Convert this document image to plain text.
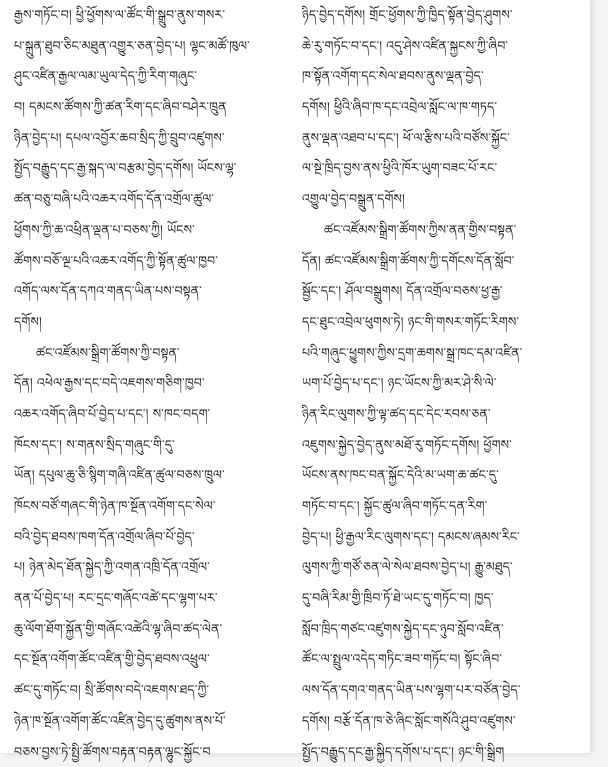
རྒྱས་གཏོང་བ། ཕྱི་ཕྱོགས་ལ་ཚོང་གི་སྒྲུབ་ནུས་གསར་
པ་སྐྲུན་ཐུབ་ཅིང་མཐུན་འགྱུར་ཅན་བྱེད་པ། ལྷང་མཚོ་ཁུལ་
ཤུང་འཛིན་རྒྱལ་ལམ་ཡུལ་དེད་ཀྱི་རིག་གཞུང་
བ། དམངས་ཚོགས་ཀྱི་ཚན་རིག་དང་ཞིབ་བཤེར་ཁྲུན
ཉིན་བྱེད་པ། དཔལ་འབྱོར་ཆབ་སྲིད་ཀྱི་བྲུབ་འཛུགས་
སྤྱོད་བརྒྱུད་དང་རྒྱ་སྐད་ལ་བརྩམ་བྱེད་དགོས། ཡོངས་ལྷ་
ཚན་བཅུ་བཞི་པའི་འཆར་འགོད་དོན་འགྲོལ་ཚུལ་
ཕྱོགས་ཀྱི་ཆ་འཕྲིན་ལྡན་པ་བཅས་ཀྱི། ཡོངས་
ཚོགས་བཅོ་ལྔ་པའི་འཆར་འགོད་ཀྱི་སྟོན་ཚུལ་ཁྱབ་
འགོད་ལས་དོན་དཀའ་གནད་ཡིན་པས་བསྟན་
དགོས།
ཚང་འཛོམས་སྒྲིག་ཚོགས་ཀྱི་བསྟན་
དོན། འཕེལ་རྒྱས་དང་བདེ་འཇགས་གཅིག་ཁྱབ་
འཆར་འགོད་ཞིབ་པོ་བྱེད་པ་དང་། ས་ཁང་བདག་
ཁོངས་དང་། ས་གནས་སྲིད་གཞུང་གི་དུ་
ཡོན། དཔུལ་ཆུ་ཅི་སྙིག་གཞི་འཛིན་ཚུལ་བཅས་ཁྲུལ་
ཁོངས་བཙོ་གཞང་གི་ཉེན་ཁ་སྔོན་འགོག་དང་སེལ་
བའི་བྱེད་ཐབས་ཁག་དོན་འགྲོལ་ཞིབ་པོ་བྱེད་
པ། ཉེན་མེད་ཐོན་སྐྱེད་ཀྱི་འགན་འཁྲི་དོན་འགྲོལ་
ནན་པོ་བྱེད་པ། རང་དྲང་གཞོང་འཚེ་དང་ལྷག་པར་
ཆུ་ལོག་ཐོག་སྐྱོན་གྱི་གཞོང་འཚེའི་ལྷ་ཞིབ་ཚད་ལེན་
དང་སྔོན་འགོག་ཚོང་འཛིན་གྱི་བྱེད་ཐབས་འཕྲུལ་
ཚང་དུ་གཏོང་བ། སྲི་ཚོགས་བདེ་འཇགས་ཐད་ཀྱི་
ཉེན་ཁ་སྔོན་འགོག་ཚོང་འཛིན་བྱེད་དུ་ཚུགས་ནས་པོ་
བཅས་བྱས་ཏེ་སྤྱི་ཚོགས་བརྟན་བརྟན་ལྷུང་སྐྱོང་བ
ཉིད་བྱེད་དགོས། གྲོང་ཕྱོགས་ཀྱི་ཁྱིད་སྟོན་བྱེད་ཤུགས་
ཆེ་རུ་གཏོང་བ་དང་། འདུ་ཤེས་འཛིན་སྐྱངས་ཀྱི་ཞིབ་
ཁ་སྟོན་འགོག་དང་སེལ་ཐབས་ནུས་ལྡན་བྱེད་
དགོས། ཕྱིའི་ཞིབ་ཁ་དང་འབྲེལ་སློང་ལ་ཁ་གཏད་
ནུས་ལྡན་འཐབ་པ་དང་། ཕོ་ལ་རྩིས་པའི་བཙོས་སྐྱོང་
ལ་སྔེ་ཁྲིད་བྱས་ནས་ཕྱིའི་ཁོར་ཡུག་བཟང་པོ་རང་
འགྱུལ་བྱེད་བསྒྲུན་དགོས།
ཚང་འཛོམས་སྒྲིག་ཚོགས་ཀྱིས་ནན་གྱིས་བསྟན་
དོན། ཚང་འཛོམས་སྒྲིག་ཚོགས་ཀྱི་དགོངས་དོན་སློབ་
སྦྱོང་དང་། ཤོལ་བསྒྲུགས། དོན་འགྲོལ་བཅས་ཕྱ་རྒྱ་
དང་ཐུང་འབྲེལ་ཕུགས་ཏེ། ཉང་གི་གསར་གཏོང་རིགས་
པའི་གཞུང་ཕྱུགས་ཀྱིས་དྲག་ཆགས་སྒྲ་ཁང་དམ་འཛིན་
ཡག་པོ་བྱེད་པ་དང་། ཉང་ཡོངས་ཀྱི་མར་ཤེ་སི་ལེ་
ཉིན་རིང་ལུགས་ཀྱི་ལྟ་ཚད་དང་དེང་རབས་ཅན་
འཇུགས་སྐྱེད་བྱེད་ནུས་མཐོ་རུ་གཏོང་དགོས། ཕྱོགས་
ཡོངས་ནས་ཁང་བན་སྐྱོང་དེའི་མ་ཡག་ཆ་ཚང་དུ་
གཏོང་བ་དང་། སྐྱོང་ཚུལ་ཞིབ་གཏོང་དན་རིག་
བྱེད་པ། ཕྱི་རྒྱལ་རིང་ལུགས་དང་། དམངས་ཞམས་རིང་
ལུགས་ཀྱི་གཙོ་ཅན་ལེ་སེལ་ཐབས་བྱེད་པ། རྒྱུ་མཐུད་
དུ་བཞི་རིམ་གྱི་ཁྲིབ་ཏོ་ཐེ་ཡང་དུ་གཏོང་བ། ཁྱད་
སློབ་ཁྲིད་གཙང་འཛུགས་སྐྱེད་དང་ཉུབ་སློབ་འཛིན་
ཚོང་ལ་སྤྲུལ་འདེད་གཏིང་ཟབ་གཏོང་བ། སྟོང་ཞིབ་
ལས་དོན་དགའ་གནད་ཡིན་པས་ལྷག་པར་བཙོན་བྱེད་
དགོས། བརྩོ་དོན་ཁ་ཅེ་ཞིང་སློང་གསོའི་ཤུབ་འཛུགས་
སྤྱོད་བརྒྱུད་དང་རྒྱ་སྐྱིད་དགོས་པ་དང་། ཉང་གི་སྒྲིག
